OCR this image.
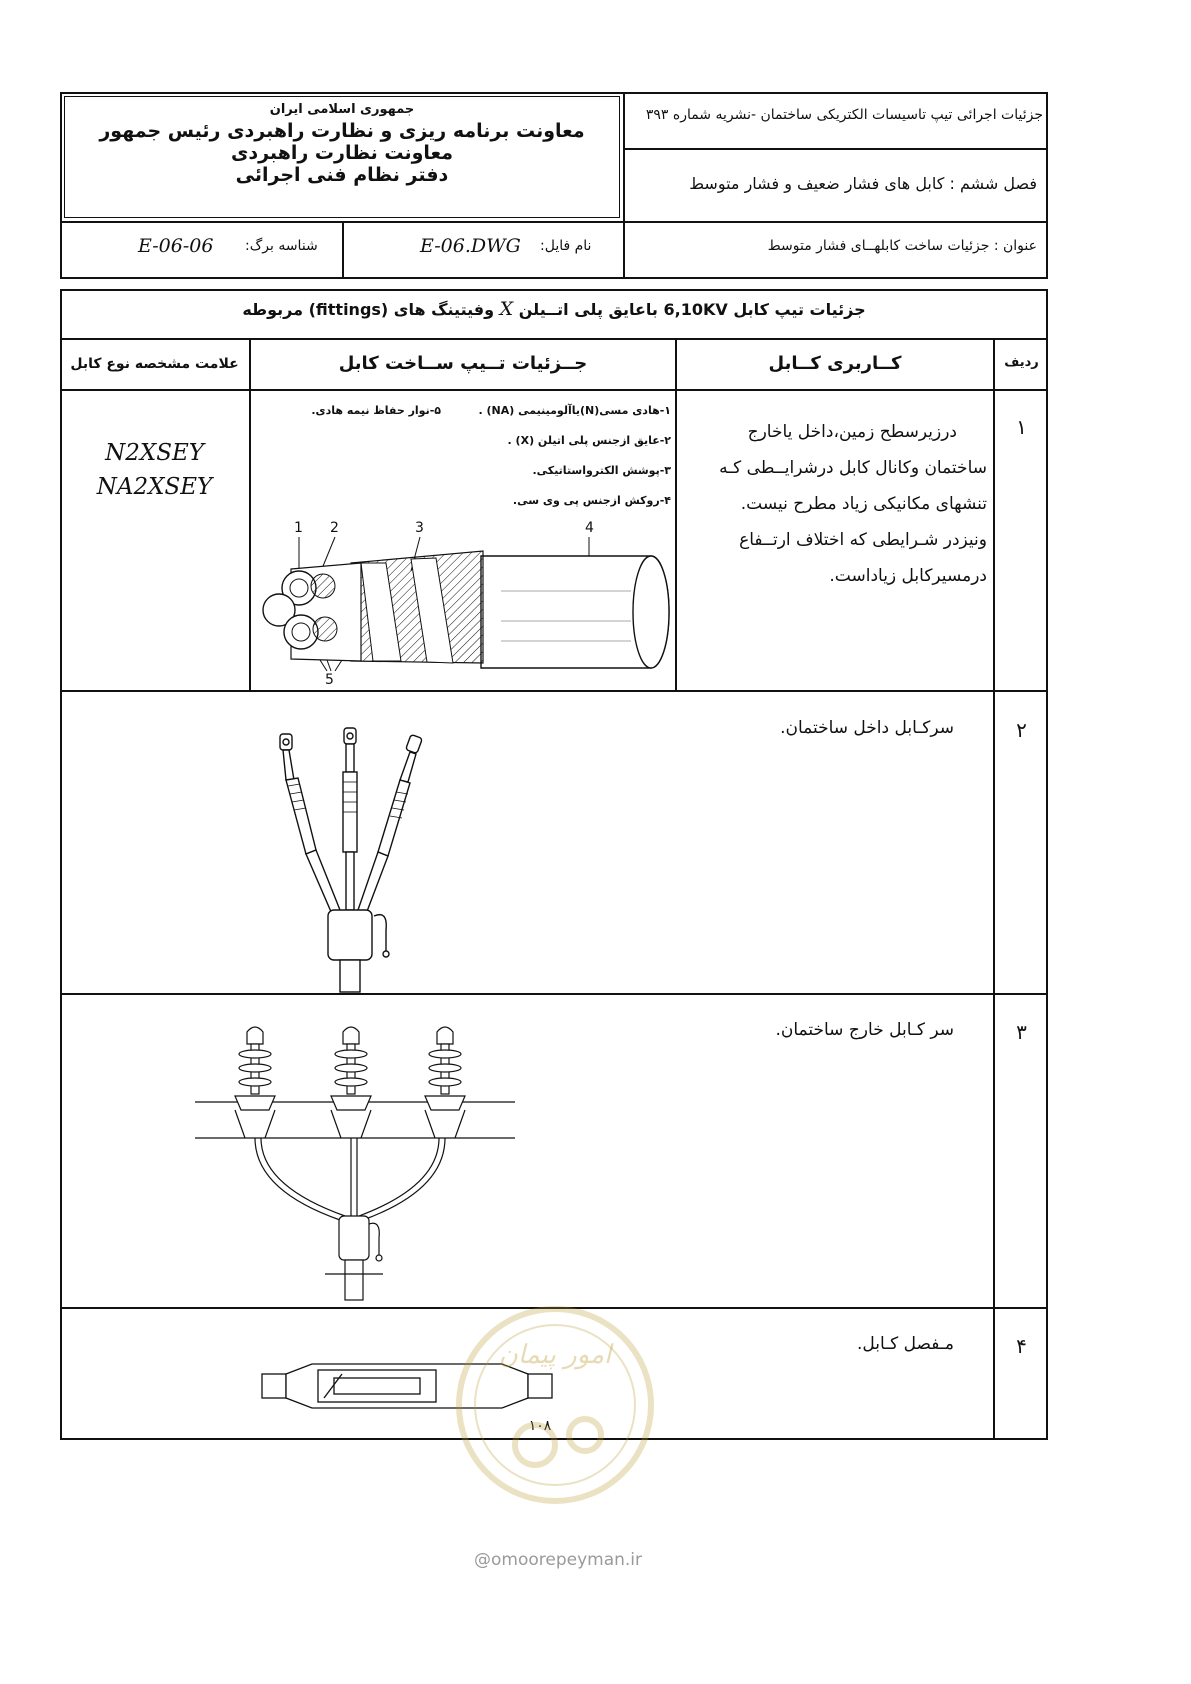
جمهوری اسلامی ایران
معاونت برنامه ریزی و نظارت راهبردی رئیس جمهور
معاونت نظارت راهبردی
دفتر نظام فنی اجرائی
جزئیات اجرائی تیپ تاسیسات الکتریکی ساختمان -نشریه شماره ۳۹۳
فصل ششم : کابل های فشار ضعیف و فشار متوسط
عنوان : جزئیات ساخت کابلهــای فشار متوسط
نام فایل:
E-06.DWG
شناسه برگ:
E-06-06
جزئیات تیپ کابل 6,10KV باعایق پلی اتــیلن X وفیتینگ های (fittings) مربوطه
ردیف
کــاربری کــابل
جــزئیات تــیپ ســاخت کابل
علامت مشخصه نوع کابل
۱
درزیرسطح زمین،داخل یاخارج
ساختمان وکانال کابل درشرایــطی کـه
تنشهای مکانیکی زیاد مطرح نیست.
ونیزدر شـرایطی که اختلاف ارتــفاع
درمسیرکابل زیاداست.
۱-هادی مسی(N)یاآلومینیمی (NA) .
۵-نوار حفاظ نیمه هادی.
۲-عایق ازجنس پلی اتیلن (X) .
۳-پوشش الکترواستاتیکی.
۴-روکش ازجنس پی وی سی.
1 2	3	4
5
N2XSEY
NA2XSEY
۲
سرکـابل داخل ساختمان.
۳
سر کـابل خارج ساختمان.
۴
مـفصل کـابل.
۱۰۸
امور پیمان
@omoorepeyman.ir
